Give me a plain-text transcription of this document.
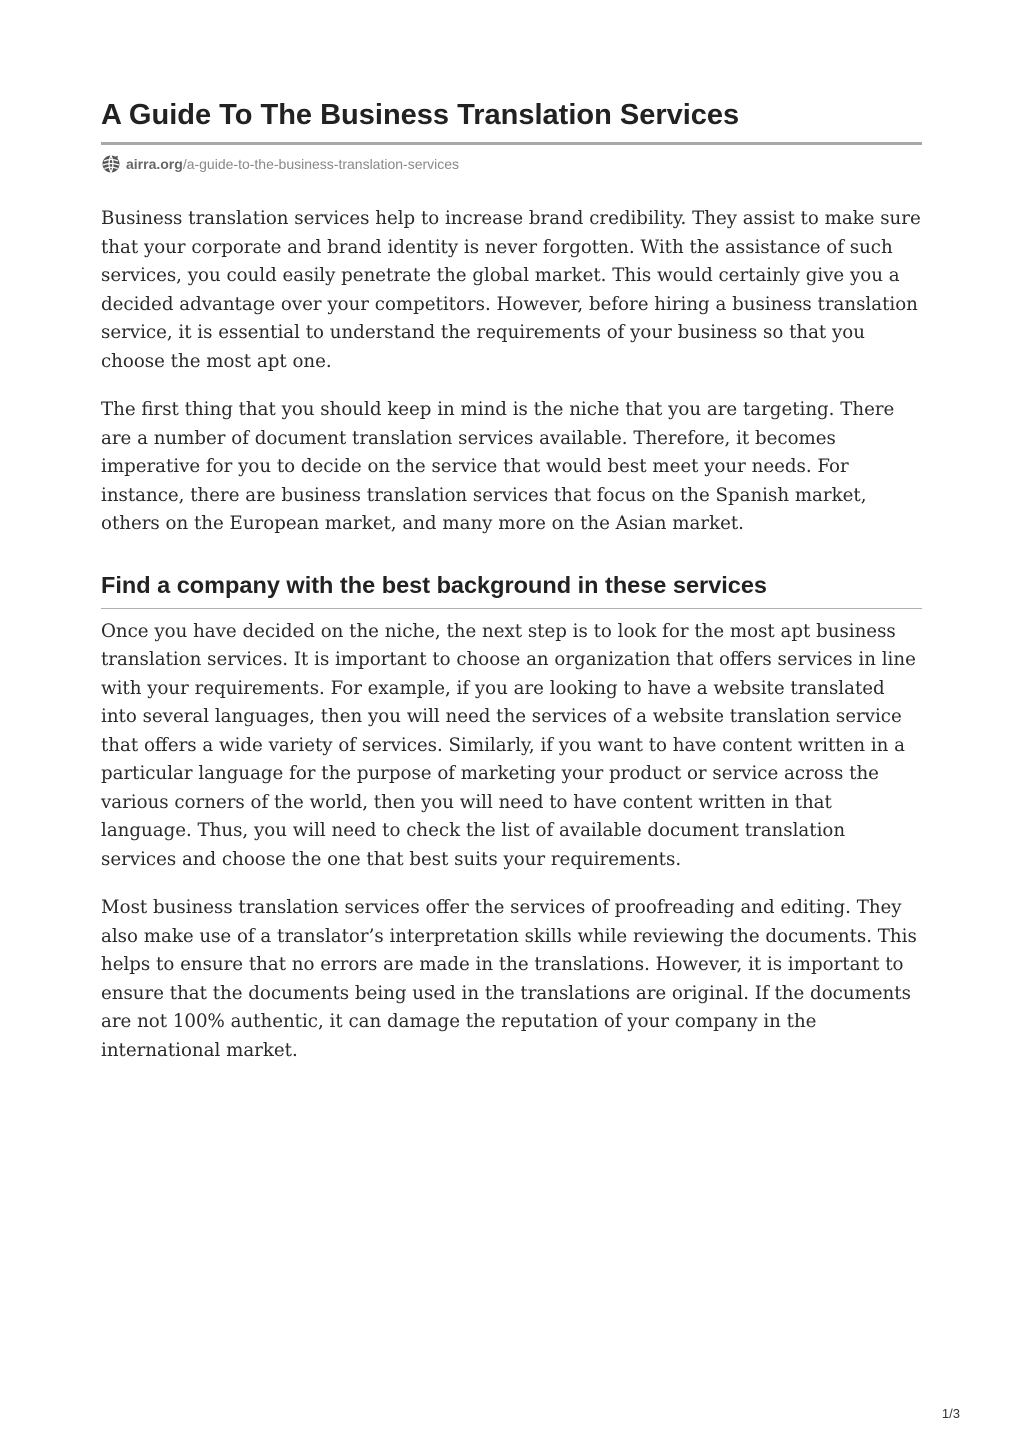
A Guide To The Business Translation Services
airra.org /a-guide-to-the-business-translation-services

Business translation services help to increase brand credibility. They assist to make sure that your corporate and brand identity is never forgotten. With the assistance of such services, you could easily penetrate the global market. This would certainly give you a decided advantage over your competitors. However, before hiring a business translation service, it is essential to understand the requirements of your business so that you choose the most apt one.

The first thing that you should keep in mind is the niche that you are targeting. There are a number of document translation services available. Therefore, it becomes imperative for you to decide on the service that would best meet your needs. For instance, there are business translation services that focus on the Spanish market, others on the European market, and many more on the Asian market.

Find a company with the best background in these services

Once you have decided on the niche, the next step is to look for the most apt business translation services. It is important to choose an organization that offers services in line with your requirements. For example, if you are looking to have a website translated into several languages, then you will need the services of a website translation service that offers a wide variety of services. Similarly, if you want to have content written in a particular language for the purpose of marketing your product or service across the various corners of the world, then you will need to have content written in that language. Thus, you will need to check the list of available document translation services and choose the one that best suits your requirements.

Most business translation services offer the services of proofreading and editing. They also make use of a translator’s interpretation skills while reviewing the documents. This helps to ensure that no errors are made in the translations. However, it is important to ensure that the documents being used in the translations are original. If the documents are not 100% authentic, it can damage the reputation of your company in the international market.

1/3
